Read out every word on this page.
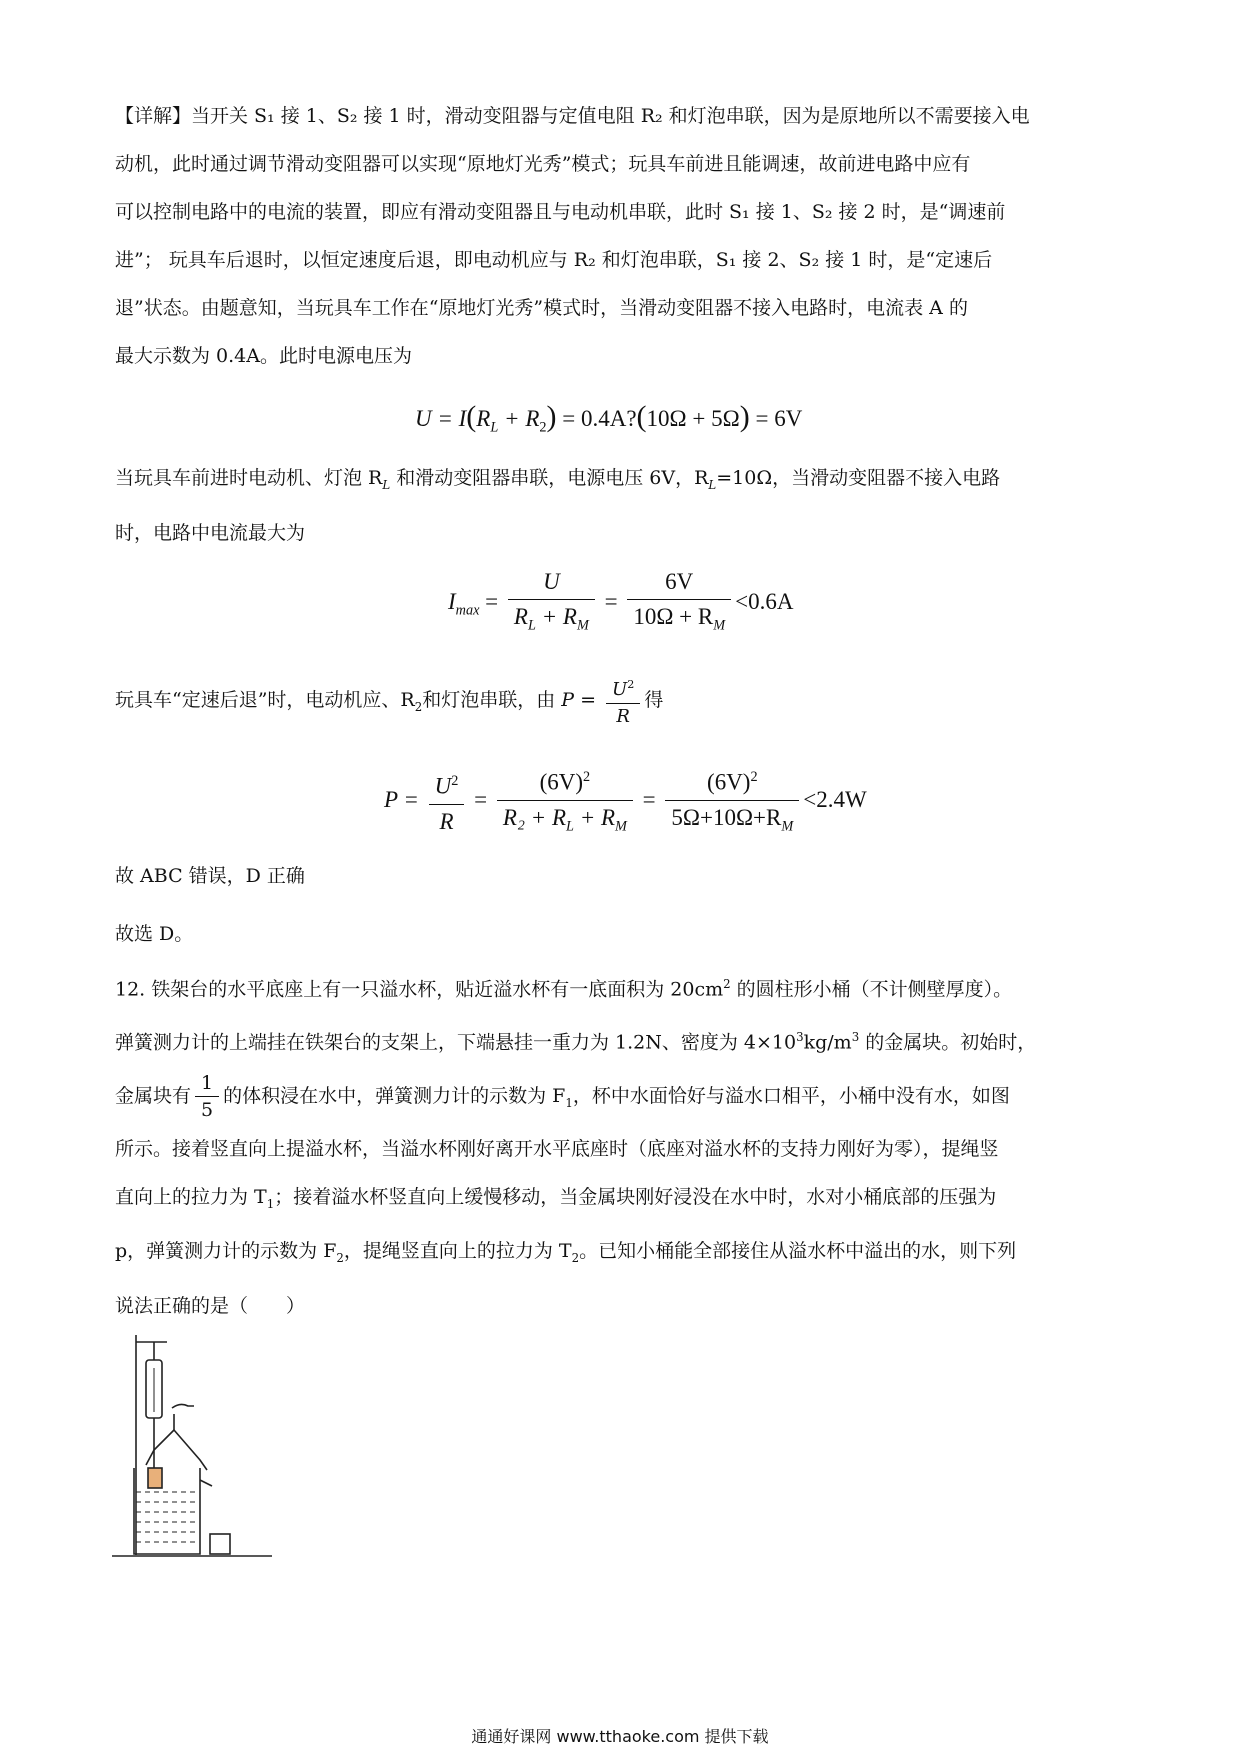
【详解】当开关 S₁ 接 1、S₂ 接 1 时，滑动变阻器与定值电阻 R₂ 和灯泡串联，因为是原地所以不需要接入电
动机，此时通过调节滑动变阻器可以实现“原地灯光秀”模式；玩具车前进且能调速，故前进电路中应有
可以控制电路中的电流的装置，即应有滑动变阻器且与电动机串联，此时 S₁ 接 1、S₂ 接 2 时，是“调速前
进”； 玩具车后退时，以恒定速度后退，即电动机应与 R₂ 和灯泡串联，S₁ 接 2、S₂ 接 1 时，是“定速后
退”状态。由题意知，当玩具车工作在“原地灯光秀”模式时，当滑动变阻器不接入电路时，电流表 A 的
最大示数为 0.4A。此时电源电压为
$U = I(R_L + R_2)$ = 0.4A?(10Ω + 5Ω) = 6V
当玩具车前进时电动机、灯泡 $R_L$ 和滑动变阻器串联，电源电压 6V，$R_L=10\Omega$，当滑动变阻器不接入电路
时，电路中电流最大为
$I_{max} = \frac{U}{R_L + R_M} = \frac{6V}{10\Omega + R_M} <0.6A$
玩具车“定速后退”时，电动机应、$R_2$和灯泡串联，由 $P = \frac{U^2}{R}$ 得
$P = \frac{U^2}{R} = \frac{(6V)^2}{R_2 + R_L + R_M} = \frac{(6V)^2}{5\Omega+10\Omega+R_M} <2.4W$
故 ABC 错误，D 正确
故选 D。
12. 铁架台的水平底座上有一只溢水杯，贴近溢水杯有一底面积为 $20cm^2$ 的圆柱形小桶（不计侧壁厚度）。
弹簧测力计的上端挂在铁架台的支架上，下端悬挂一重力为 1.2N、密度为 $4\times 10^3kg/m^3$ 的金属块。初始时，
金属块有 $\frac{1}{5}$ 的体积浸在水中，弹簧测力计的示数为 $F_1$，杯中水面恰好与溢水口相平，小桶中没有水，如图
所示。接着竖直向上提溢水杯，当溢水杯刚好离开水平底座时（底座对溢水杯的支持力刚好为零），提绳竖
直向上的拉力为 $T_1$；接着溢水杯竖直向上缓慢移动，当金属块刚好浸没在水中时，水对小桶底部的压强为
p，弹簧测力计的示数为 $F_2$，提绳竖直向上的拉力为 $T_2$。已知小桶能全部接住从溢水杯中溢出的水，则下列
说法正确的是（　　）
通通好课网 www.tthaoke.com 提供下载
